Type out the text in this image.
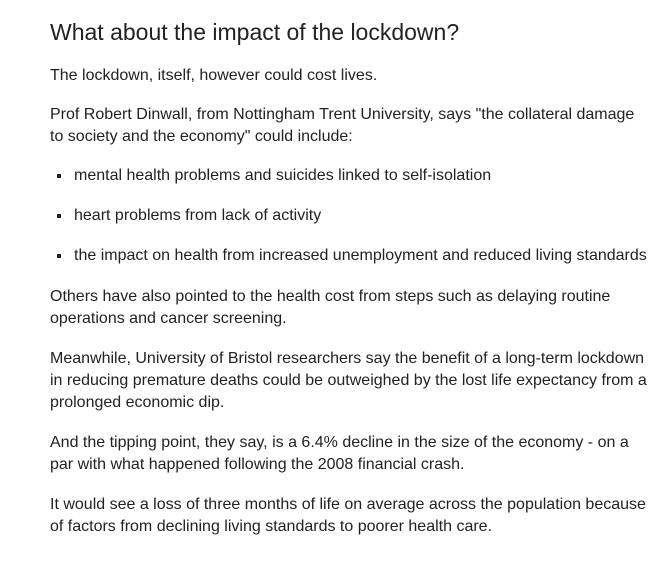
What about the impact of the lockdown?

The lockdown, itself, however could cost lives.

Prof Robert Dinwall, from Nottingham Trent University, says "the collateral damage to society and the economy" could include:

mental health problems and suicides linked to self-isolation
heart problems from lack of activity
the impact on health from increased unemployment and reduced living standards

Others have also pointed to the health cost from steps such as delaying routine operations and cancer screening.

Meanwhile, University of Bristol researchers say the benefit of a long-term lockdown in reducing premature deaths could be outweighed by the lost life expectancy from a prolonged economic dip.

And the tipping point, they say, is a 6.4% decline in the size of the economy - on a par with what happened following the 2008 financial crash.

It would see a loss of three months of life on average across the population because of factors from declining living standards to poorer health care.
